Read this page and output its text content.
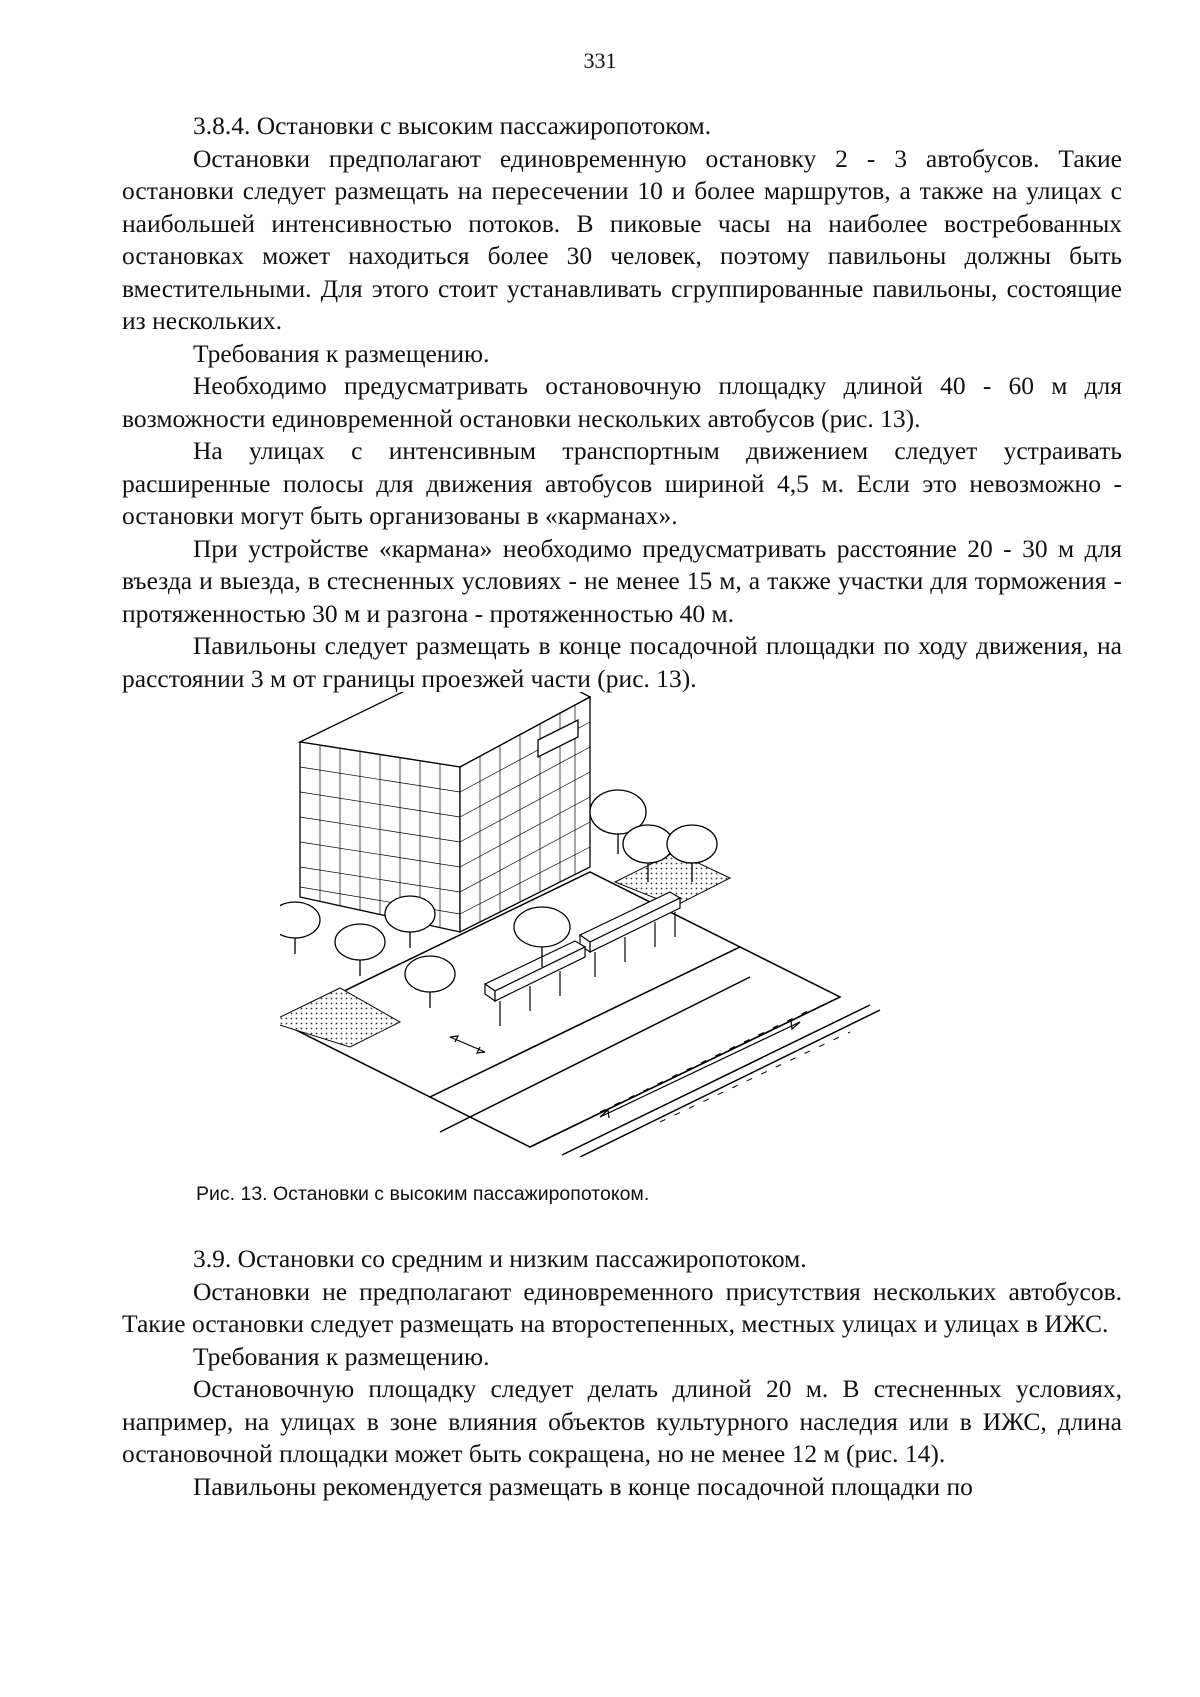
331

3.8.4. Остановки с высоким пассажиропотоком.

Остановки предполагают единовременную остановку 2 - 3 автобусов. Такие остановки следует размещать на пересечении 10 и более маршрутов, а также на улицах с наибольшей интенсивностью потоков. В пиковые часы на наиболее востребованных остановках может находиться более 30 человек, поэтому павильоны должны быть вместительными. Для этого стоит устанавливать сгруппированные павильоны, состоящие из нескольких.

Требования к размещению.

Необходимо предусматривать остановочную площадку длиной 40 - 60 м для возможности единовременной остановки нескольких автобусов (рис. 13).

На улицах с интенсивным транспортным движением следует устраивать расширенные полосы для движения автобусов шириной 4,5 м. Если это невозможно - остановки могут быть организованы в «карманах».

При устройстве «кармана» необходимо предусматривать расстояние 20 - 30 м для въезда и выезда, в стесненных условиях - не менее 15 м, а также участки для торможения - протяженностью 30 м и разгона - протяженностью 40 м.

Павильоны следует размещать в конце посадочной площадки по ходу движения, на расстоянии 3 м от границы проезжей части (рис. 13).

Рис. 13. Остановки с высоким пассажиропотоком.

3.9. Остановки со средним и низким пассажиропотоком.

Остановки не предполагают единовременного присутствия нескольких автобусов. Такие остановки следует размещать на второстепенных, местных улицах и улицах в ИЖС.

Требования к размещению.

Остановочную площадку следует делать длиной 20 м. В стесненных условиях, например, на улицах в зоне влияния объектов культурного наследия или в ИЖС, длина остановочной площадки может быть сокращена, но не менее 12 м (рис. 14).

Павильоны рекомендуется размещать в конце посадочной площадки по
